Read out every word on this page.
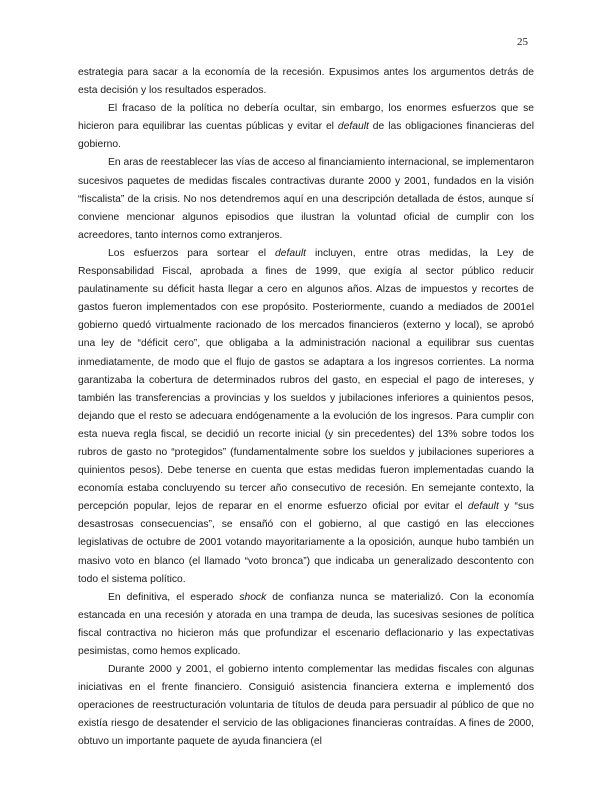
25

estrategia para sacar a la economía de la recesión. Expusimos antes los argumentos detrás de esta decisión y los resultados esperados.

El fracaso de la política no debería ocultar, sin embargo, los enormes esfuerzos que se hicieron para equilibrar las cuentas públicas y evitar el default de las obligaciones financieras del gobierno.

En aras de reestablecer las vías de acceso al financiamiento internacional, se implementaron sucesivos paquetes de medidas fiscales contractivas durante 2000 y 2001, fundados en la visión “fiscalista” de la crisis. No nos detendremos aquí en una descripción detallada de éstos, aunque sí conviene mencionar algunos episodios que ilustran la voluntad oficial de cumplir con los acreedores, tanto internos como extranjeros.

Los esfuerzos para sortear el default incluyen, entre otras medidas, la Ley de Responsabilidad Fiscal, aprobada a fines de 1999, que exigía al sector público reducir paulatinamente su déficit hasta llegar a cero en algunos años. Alzas de impuestos y recortes de gastos fueron implementados con ese propósito. Posteriormente, cuando a mediados de 2001el gobierno quedó virtualmente racionado de los mercados financieros (externo y local), se aprobó una ley de “déficit cero”, que obligaba a la administración nacional a equilibrar sus cuentas inmediatamente, de modo que el flujo de gastos se adaptara a los ingresos corrientes. La norma garantizaba la cobertura de determinados rubros del gasto, en especial el pago de intereses, y también las transferencias a provincias y los sueldos y jubilaciones inferiores a quinientos pesos, dejando que el resto se adecuara endógenamente a la evolución de los ingresos. Para cumplir con esta nueva regla fiscal, se decidió un recorte inicial (y sin precedentes) del 13% sobre todos los rubros de gasto no “protegidos” (fundamentalmente sobre los sueldos y jubilaciones superiores a quinientos pesos). Debe tenerse en cuenta que estas medidas fueron implementadas cuando la economía estaba concluyendo su tercer año consecutivo de recesión. En semejante contexto, la percepción popular, lejos de reparar en el enorme esfuerzo oficial por evitar el default y “sus desastrosas consecuencias”, se ensañó con el gobierno, al que castigó en las elecciones legislativas de octubre de 2001 votando mayoritariamente a la oposición, aunque hubo también un masivo voto en blanco (el llamado “voto bronca”) que indicaba un generalizado descontento con todo el sistema político.

En definitiva, el esperado shock de confianza nunca se materializó. Con la economía estancada en una recesión y atorada en una trampa de deuda, las sucesivas sesiones de política fiscal contractiva no hicieron más que profundizar el escenario deflacionario y las expectativas pesimistas, como hemos explicado.

Durante 2000 y 2001, el gobierno intento complementar las medidas fiscales con algunas iniciativas en el frente financiero. Consiguió asistencia financiera externa e implementó dos operaciones de reestructuración voluntaria de títulos de deuda para persuadir al público de que no existía riesgo de desatender el servicio de las obligaciones financieras contraídas. A fines de 2000, obtuvo un importante paquete de ayuda financiera (el
